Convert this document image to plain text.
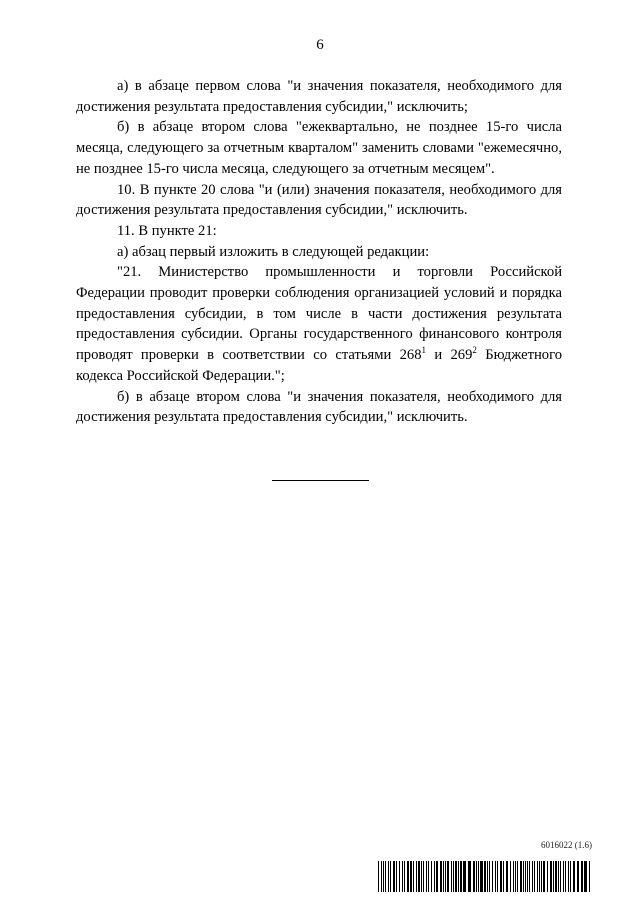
6

а) в абзаце первом слова "и значения показателя, необходимого для достижения результата предоставления субсидии," исключить;

б) в абзаце втором слова "ежеквартально, не позднее 15-го числа месяца, следующего за отчетным кварталом" заменить словами "ежемесячно, не позднее 15-го числа месяца, следующего за отчетным месяцем".

10. В пункте 20 слова "и (или) значения показателя, необходимого для достижения результата предоставления субсидии," исключить.

11. В пункте 21:

а) абзац первый изложить в следующей редакции:

"21. Министерство промышленности и торговли Российской Федерации проводит проверки соблюдения организацией условий и порядка предоставления субсидии, в том числе в части достижения результата предоставления субсидии. Органы государственного финансового контроля проводят проверки в соответствии со статьями $268^1$ и $269^2$ Бюджетного кодекса Российской Федерации.";

б) в абзаце втором слова "и значения показателя, необходимого для достижения результата предоставления субсидии," исключить.

6016022 (1.6)
